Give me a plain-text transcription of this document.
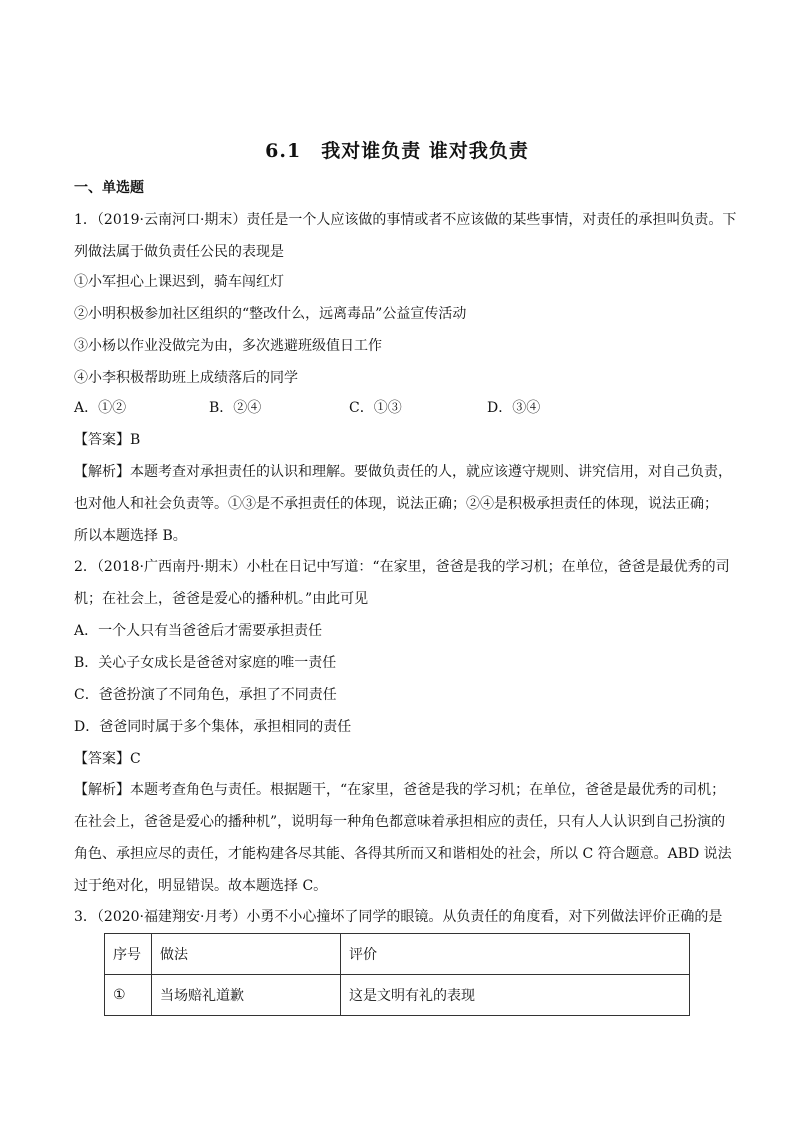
6.1　我对谁负责 谁对我负责
一、单选题
1．（2019·云南河口·期末）责任是一个人应该做的事情或者不应该做的某些事情，对责任的承担叫负责。下
列做法属于做负责任公民的表现是
①小军担心上课迟到，骑车闯红灯
②小明积极参加社区组织的“整改什么，远离毒品”公益宣传活动
③小杨以作业没做完为由，多次逃避班级值日工作
④小李积极帮助班上成绩落后的同学
A．①②	B．②④	C．①③	D．③④
【答案】B
【解析】本题考查对承担责任的认识和理解。要做负责任的人，就应该遵守规则、讲究信用，对自己负责，
也对他人和社会负责等。①③是不承担责任的体现，说法正确；②④是积极承担责任的体现，说法正确；
所以本题选择 B。
2．（2018·广西南丹·期末）小杜在日记中写道：“在家里，爸爸是我的学习机；在单位，爸爸是最优秀的司
机；在社会上，爸爸是爱心的播种机。”由此可见
A．一个人只有当爸爸后才需要承担责任
B．关心子女成长是爸爸对家庭的唯一责任
C．爸爸扮演了不同角色，承担了不同责任
D．爸爸同时属于多个集体，承担相同的责任
【答案】C
【解析】本题考查角色与责任。根据题干，“在家里，爸爸是我的学习机；在单位，爸爸是最优秀的司机；
在社会上，爸爸是爱心的播种机”，说明每一种角色都意味着承担相应的责任，只有人人认识到自己扮演的
角色、承担应尽的责任，才能构建各尽其能、各得其所而又和谐相处的社会，所以 C 符合题意。ABD 说法
过于绝对化，明显错误。故本题选择 C。
3．（2020·福建翔安·月考）小勇不小心撞坏了同学的眼镜。从负责任的角度看，对下列做法评价正确的是
序号	做法	评价
①	当场赔礼道歉	这是文明有礼的表现
